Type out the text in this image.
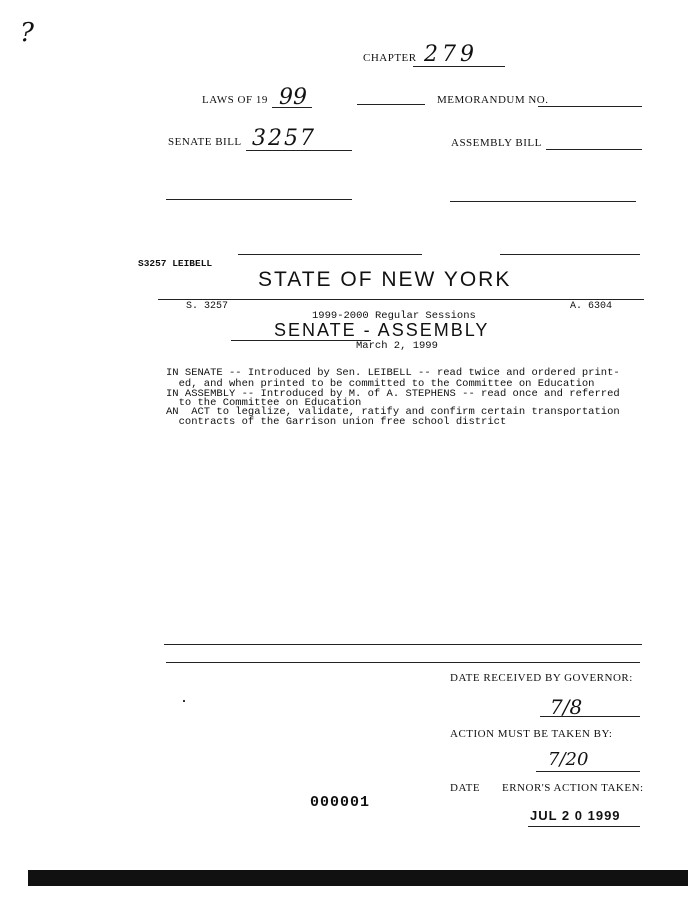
?
CHAPTER 279
LAWS OF 19 99	MEMORANDUM NO.
SENATE BILL 3257	ASSEMBLY BILL
S3257 LEIBELL
STATE OF NEW YORK
S. 3257	A. 6304
1999-2000 Regular Sessions
SENATE - ASSEMBLY
March 2, 1999
IN SENATE -- Introduced by Sen. LEIBELL -- read twice and ordered print-
ed, and when printed to be committed to the Committee on Education
IN ASSEMBLY -- Introduced by M. of A. STEPHENS -- read once and referred
to the Committee on Education
AN  ACT to legalize, validate, ratify and confirm certain transportation
contracts of the Garrison union free school district
DATE RECEIVED BY GOVERNOR:
7/8
ACTION MUST BE TAKEN BY:
7/20
DATE ERNOR'S ACTION TAKEN:
JUL 2 0 1999
000001
